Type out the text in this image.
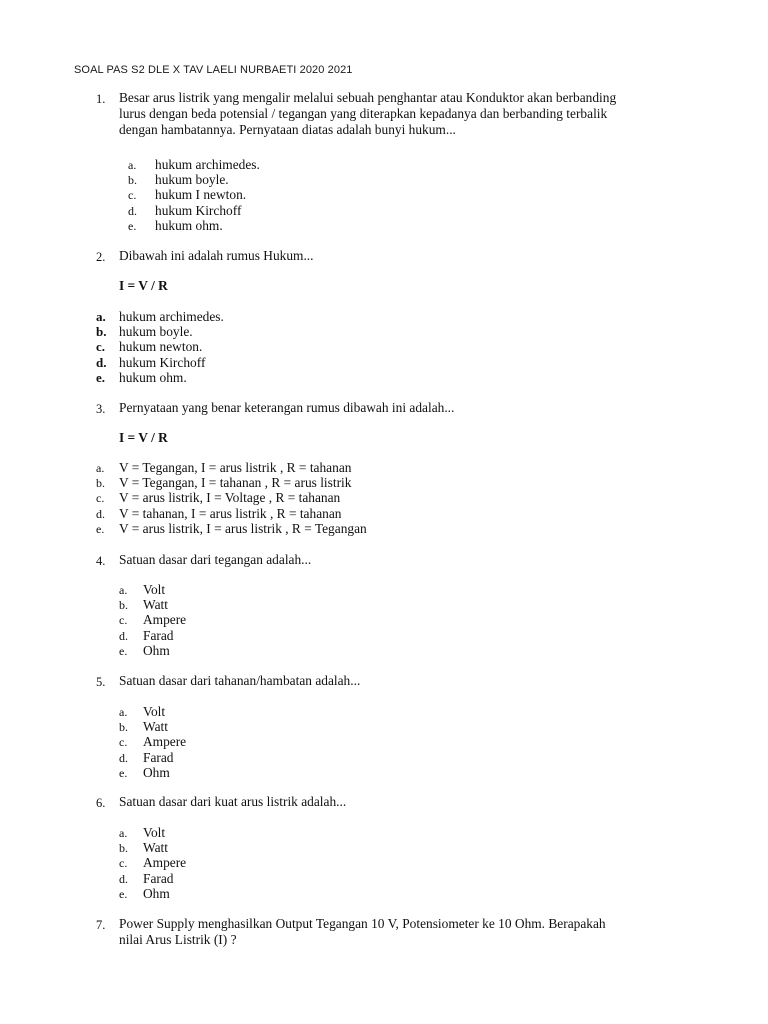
SOAL PAS S2 DLE X TAV LAELI NURBAETI 2020 2021
1. Besar arus listrik yang mengalir melalui sebuah penghantar atau Konduktor akan berbanding
lurus dengan beda potensial / tegangan yang diterapkan kepadanya dan berbanding terbalik
dengan hambatannya. Pernyataan diatas adalah bunyi hukum...
a. hukum archimedes.
b. hukum boyle.
c. hukum I newton.
d. hukum Kirchoff
e. hukum ohm.
2. Dibawah ini adalah rumus Hukum...
I = V / R
a. hukum archimedes.
b. hukum boyle.
c. hukum newton.
d. hukum Kirchoff
e. hukum ohm.
3. Pernyataan yang benar keterangan rumus dibawah ini adalah...
I = V / R
a. V = Tegangan, I = arus listrik , R = tahanan
b. V = Tegangan, I = tahanan , R = arus listrik
c. V = arus listrik, I = Voltage , R = tahanan
d. V = tahanan, I = arus listrik , R = tahanan
e. V = arus listrik, I = arus listrik , R = Tegangan
4. Satuan dasar dari tegangan adalah...
a. Volt
b. Watt
c. Ampere
d. Farad
e. Ohm
5. Satuan dasar dari tahanan/hambatan adalah...
a. Volt
b. Watt
c. Ampere
d. Farad
e. Ohm
6. Satuan dasar dari kuat arus listrik adalah...
a. Volt
b. Watt
c. Ampere
d. Farad
e. Ohm
7. Power Supply menghasilkan Output Tegangan 10 V, Potensiometer ke 10 Ohm. Berapakah
nilai Arus Listrik (I) ?
